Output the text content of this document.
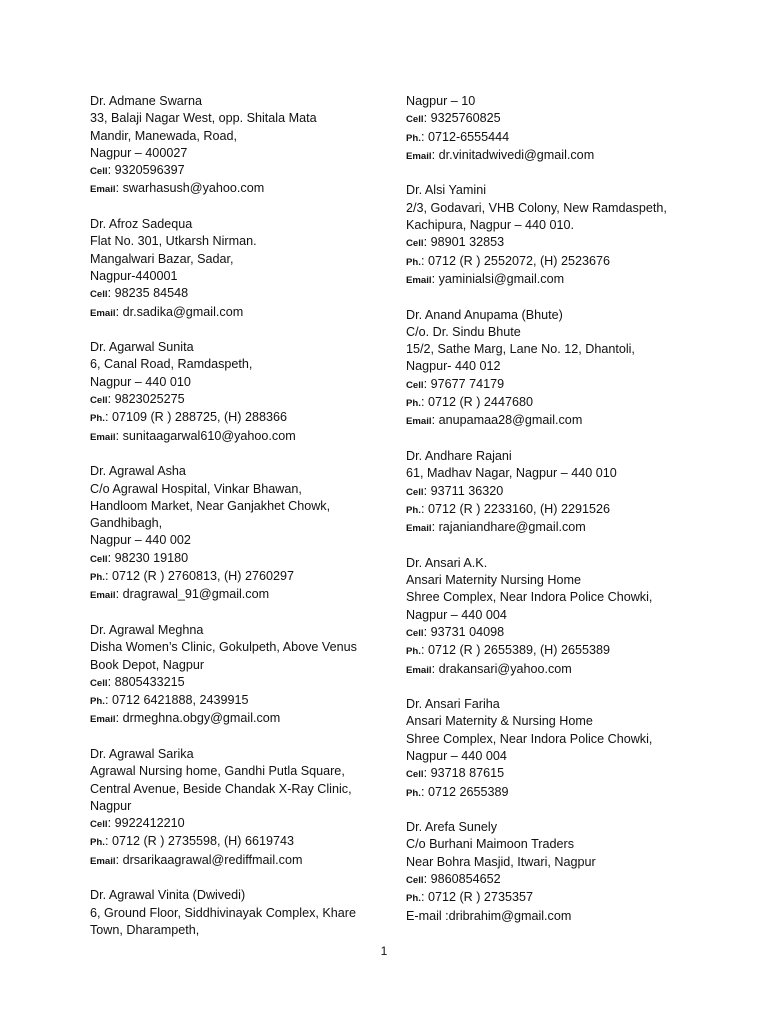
Dr. Admane Swarna
33, Balaji Nagar West, opp. Shitala Mata
Mandir, Manewada, Road,
Nagpur – 400027
Cell: 9320596397
Email: swarhasush@yahoo.com
Dr. Afroz Sadequa
Flat No. 301, Utkarsh Nirman.
Mangalwari Bazar, Sadar,
Nagpur-440001
Cell: 98235 84548
Email: dr.sadika@gmail.com
Dr. Agarwal Sunita
6, Canal Road, Ramdaspeth,
Nagpur – 440 010
Cell: 9823025275
Ph.: 07109 (R ) 288725, (H) 288366
Email: sunitaagarwal610@yahoo.com
Dr. Agrawal Asha
C/o Agrawal Hospital, Vinkar Bhawan,
Handloom Market, Near Ganjakhet Chowk,
Gandhibagh,
Nagpur – 440 002
Cell: 98230 19180
Ph.: 0712 (R ) 2760813, (H) 2760297
Email: dragrawal_91@gmail.com
Dr. Agrawal Meghna
Disha Women’s Clinic, Gokulpeth, Above Venus
Book Depot, Nagpur
Cell: 8805433215
Ph.: 0712 6421888, 2439915
Email: drmeghna.obgy@gmail.com
Dr. Agrawal Sarika
Agrawal Nursing home, Gandhi Putla Square,
Central Avenue, Beside Chandak X-Ray Clinic,
Nagpur
Cell: 9922412210
Ph.: 0712 (R ) 2735598, (H) 6619743
Email: drsarikaagrawal@rediffmail.com
Dr. Agrawal Vinita (Dwivedi)
6, Ground Floor, Siddhivinayak Complex, Khare
Town, Dharampeth,
Nagpur – 10
Cell: 9325760825
Ph.: 0712-6555444
Email: dr.vinitadwivedi@gmail.com
Dr. Alsi Yamini
2/3, Godavari, VHB Colony, New Ramdaspeth,
Kachipura, Nagpur – 440 010.
Cell: 98901 32853
Ph.: 0712 (R ) 2552072, (H) 2523676
Email: yaminialsi@gmail.com
Dr. Anand Anupama (Bhute)
C/o. Dr. Sindu Bhute
15/2, Sathe Marg, Lane No. 12, Dhantoli,
Nagpur- 440 012
Cell: 97677 74179
Ph.: 0712 (R ) 2447680
Email: anupamaa28@gmail.com
Dr. Andhare Rajani
61, Madhav Nagar, Nagpur – 440 010
Cell: 93711 36320
Ph.: 0712 (R ) 2233160, (H) 2291526
Email: rajaniandhare@gmail.com
Dr. Ansari A.K.
Ansari Maternity Nursing Home
Shree Complex, Near Indora Police Chowki,
Nagpur – 440 004
Cell: 93731 04098
Ph.: 0712 (R ) 2655389, (H) 2655389
Email: drakansari@yahoo.com
Dr. Ansari Fariha
Ansari Maternity & Nursing Home
Shree Complex, Near Indora Police Chowki,
Nagpur – 440 004
Cell: 93718 87615
Ph.: 0712 2655389
Dr. Arefa Sunely
C/o Burhani Maimoon Traders
Near Bohra Masjid, Itwari, Nagpur
Cell: 9860854652
Ph.: 0712 (R ) 2735357
E-mail :dribrahim@gmail.com
1
